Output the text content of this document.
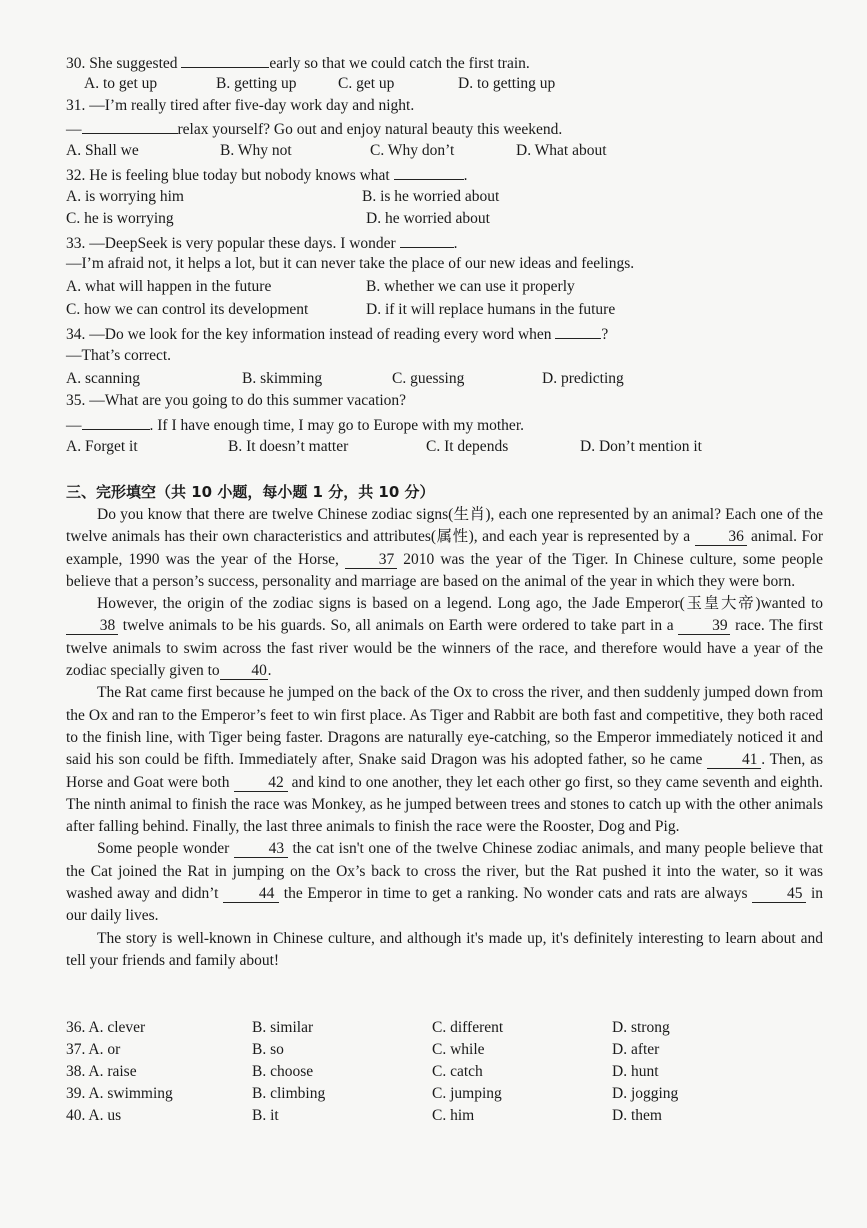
30. She suggested	early so that we could catch the first train.
A. to get up	B. getting up	C. get up	D. to getting up
31. —I’m really tired after five-day work day and night.
—	relax yourself? Go out and enjoy natural beauty this weekend.
A. Shall we	B. Why not	C. Why don’t	D. What about
32. He is feeling blue today but nobody knows what	.
A. is worrying him	B. is he worried about
C. he is worrying	D. he worried about
33. —DeepSeek is very popular these days. I wonder	.
—I’m afraid not, it helps a lot, but it can never take the place of our new ideas and feelings.
A. what will happen in the future	B. whether we can use it properly
C. how we can control its development	D. if it will replace humans in the future
34. —Do we look for the key information instead of reading every word when	?
—That’s correct.
A. scanning	B. skimming	C. guessing	D. predicting
35. —What are you going to do this summer vacation?
—	. If I have enough time, I may go to Europe with my mother.
A. Forget it	B. It doesn’t matter	C. It depends	D. Don’t mention it
三、完形填空（共 10 小题，每小题 1 分，共 10 分）

Do you know that there are twelve Chinese zodiac signs(生肖), each one represented by an animal? Each one of the twelve animals has their own characteristics and attributes(属性), and each year is represented by a 36 animal. For example, 1990 was the year of the Horse, 37 2010 was the year of the Tiger. In Chinese culture, some people believe that a person’s success, personality and marriage are based on the animal of the year in which they were born.

However, the origin of the zodiac signs is based on a legend. Long ago, the Jade Emperor(玉皇大帝)wanted to 38 twelve animals to be his guards. So, all animals on Earth were ordered to take part in a 39 race. The first twelve animals to swim across the fast river would be the winners of the race, and therefore would have a year of the zodiac specially given to 40.

The Rat came first because he jumped on the back of the Ox to cross the river, and then suddenly jumped down from the Ox and ran to the Emperor’s feet to win first place. As Tiger and Rabbit are both fast and competitive, they both raced to the finish line, with Tiger being faster. Dragons are naturally eye-catching, so the Emperor immediately noticed it and said his son could be fifth. Immediately after, Snake said Dragon was his adopted father, so he came 41 . Then, as Horse and Goat were both 42 and kind to one another, they let each other go first, so they came seventh and eighth. The ninth animal to finish the race was Monkey, as he jumped between trees and stones to catch up with the other animals after falling behind. Finally, the last three animals to finish the race were the Rooster, Dog and Pig.

Some people wonder 43 the cat isn't one of the twelve Chinese zodiac animals, and many people believe that the Cat joined the Rat in jumping on the Ox’s back to cross the river, but the Rat pushed it into the water, so it was washed away and didn’t 44 the Emperor in time to get a ranking. No wonder cats and rats are always 45 in our daily lives.

The story is well-known in Chinese culture, and although it's made up, it's definitely interesting to learn about and tell your friends and family about!

36. A. clever	B. similar	C. different	D. strong
37. A. or	B. so	C. while	D. after
38. A. raise	B. choose	C. catch	D. hunt
39. A. swimming	B. climbing	C. jumping	D. jogging
40. A. us	B. it	C. him	D. them
